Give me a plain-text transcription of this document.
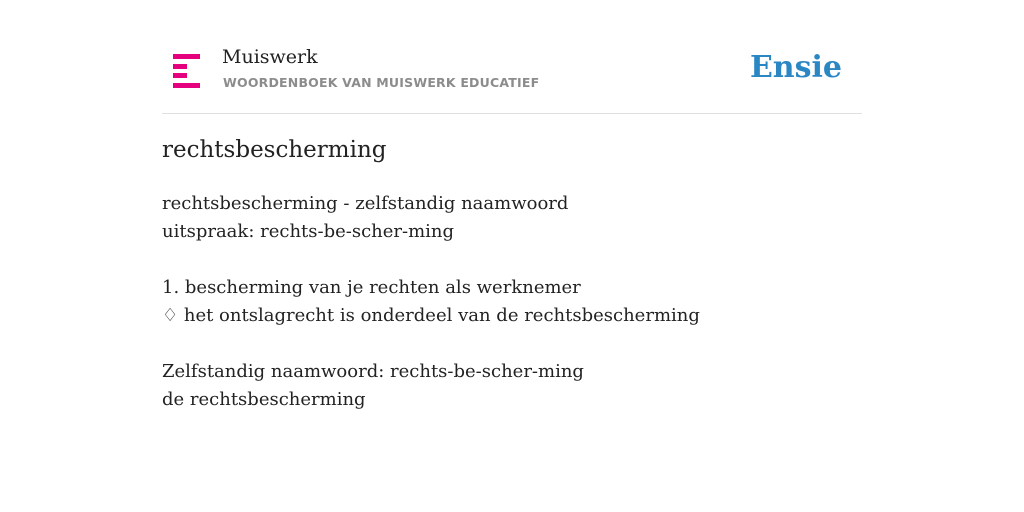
Muiswerk
WOORDENBOEK VAN MUISWERK EDUCATIEF	Ensie
rechtsbescherming
rechtsbescherming - zelfstandig naamwoord
uitspraak: rechts-be-scher-ming
1. bescherming van je rechten als werknemer
♢ het ontslagrecht is onderdeel van de rechtsbescherming
Zelfstandig naamwoord: rechts-be-scher-ming
de rechtsbescherming
